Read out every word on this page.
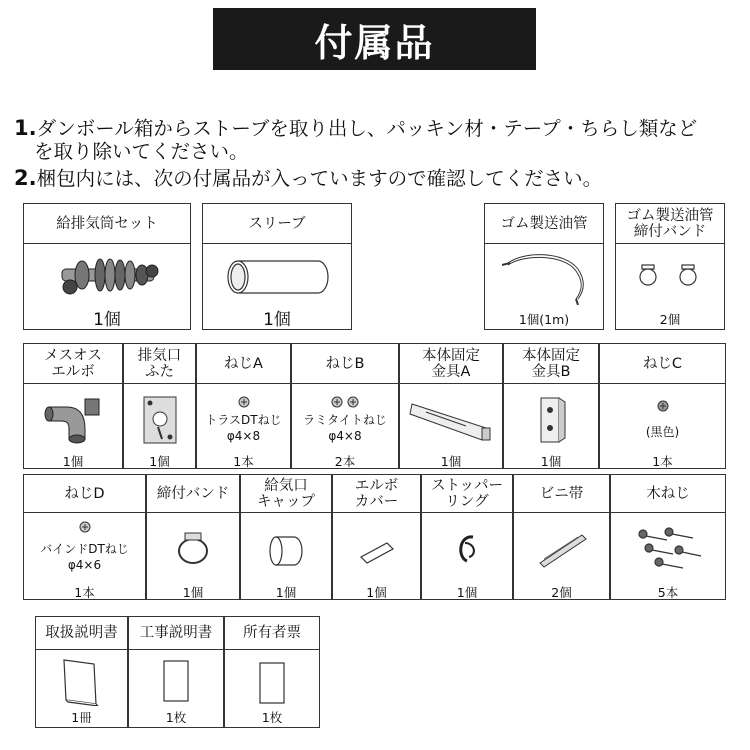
付属品
1.ダンボール箱からストーブを取り出し、パッキン材・テープ・ちらし類など
を取り除いてください。
2.梱包内には、次の付属品が入っていますので確認してください。
給排気筒セット
1個
スリーブ
1個
ゴム製送油管
1個(1m)
ゴム製送油管
締付バンド
2個
メスオス
エルボ
1個
排気口
ふた
1個
ねじA
トラスDTねじ
φ4×8
1本
ねじB
ラミタイトねじ
φ4×8
2本
本体固定
金具A
1個
本体固定
金具B
1個
ねじC
(黒色)
1本
ねじD
バインドDTねじ
φ4×6
1本
締付バンド
1個
給気口
キャップ
1個
エルボ
カバー
1個
ストッパー
リング
1個
ビニ帯
2個
木ねじ
5本
取扱説明書
1冊
工事説明書
1枚
所有者票
1枚
